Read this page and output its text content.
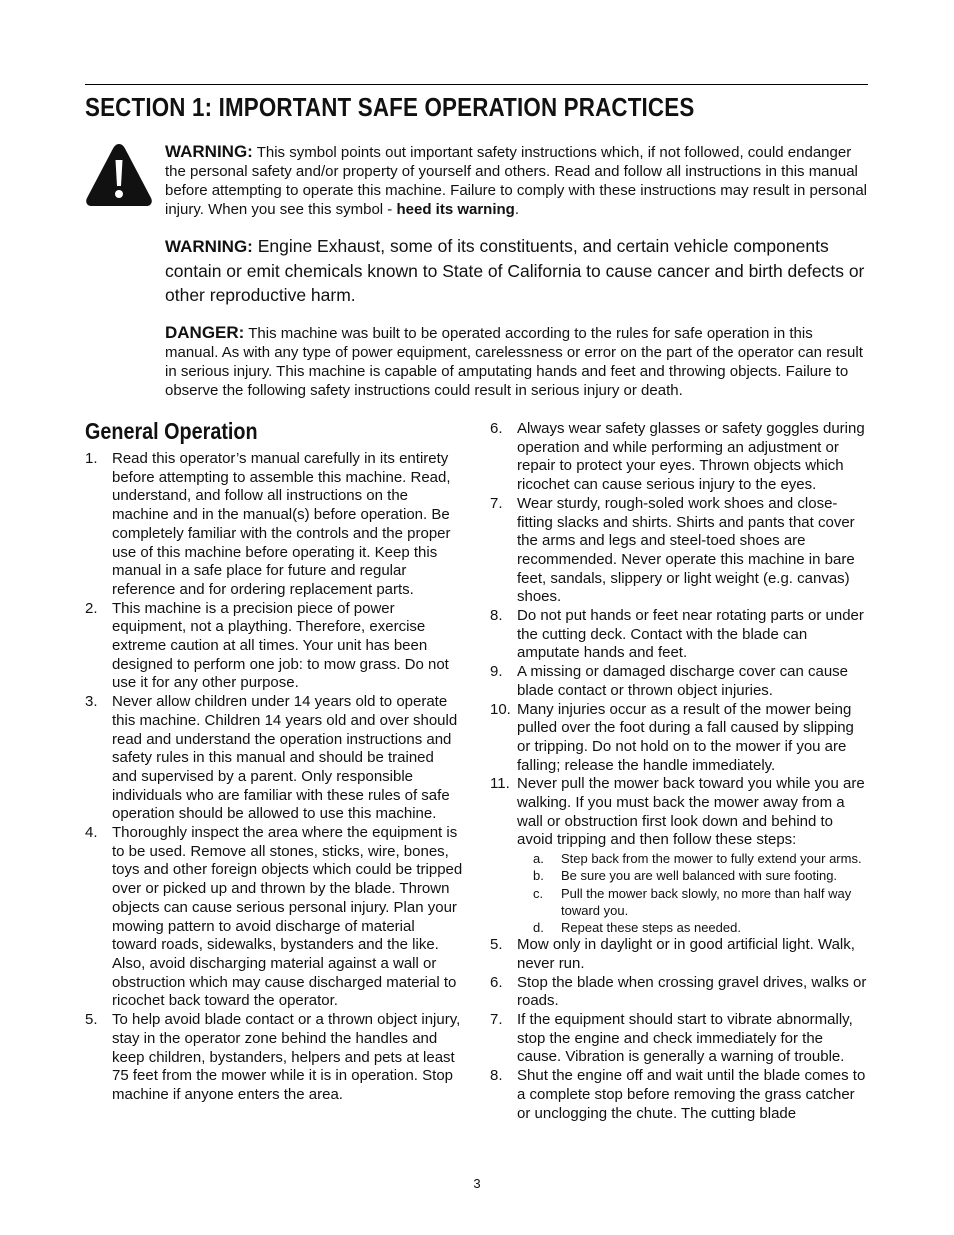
SECTION 1: IMPORTANT SAFE OPERATION PRACTICES
WARNING: This symbol points out important safety instructions which, if not followed, could endanger the personal safety and/or property of yourself and others. Read and follow all instructions in this manual before attempting to operate this machine. Failure to comply with these instructions may result in personal injury. When you see this symbol - heed its warning.
WARNING: Engine Exhaust, some of its constituents, and certain vehicle components contain or emit chemicals known to State of California to cause cancer and birth defects or other reproductive harm.
DANGER: This machine was built to be operated according to the rules for safe operation in this manual. As with any type of power equipment, carelessness or error on the part of the operator can result in serious injury. This machine is capable of amputating hands and feet and throwing objects. Failure to observe the following safety instructions could result in serious injury or death.
General Operation
1. Read this operator’s manual carefully in its entirety before attempting to assemble this machine. Read, understand, and follow all instructions on the machine and in the manual(s) before operation. Be completely familiar with the controls and the proper use of this machine before operating it. Keep this manual in a safe place for future and regular reference and for ordering replacement parts.
2. This machine is a precision piece of power equipment, not a plaything. Therefore, exercise extreme caution at all times. Your unit has been designed to perform one job: to mow grass. Do not use it for any other purpose.
3. Never allow children under 14 years old to operate this machine. Children 14 years old and over should read and understand the operation instructions and safety rules in this manual and should be trained and supervised by a parent. Only responsible individuals who are familiar with these rules of safe operation should be allowed to use this machine.
4. Thoroughly inspect the area where the equipment is to be used. Remove all stones, sticks, wire, bones, toys and other foreign objects which could be tripped over or picked up and thrown by the blade. Thrown objects can cause serious personal injury. Plan your mowing pattern to avoid discharge of material toward roads, sidewalks, bystanders and the like. Also, avoid discharging material against a wall or obstruction which may cause discharged material to ricochet back toward the operator.
5. To help avoid blade contact or a thrown object injury, stay in the operator zone behind the handles and keep children, bystanders, helpers and pets at least 75 feet from the mower while it is in operation. Stop machine if anyone enters the area.
6. Always wear safety glasses or safety goggles during operation and while performing an adjustment or repair to protect your eyes. Thrown objects which ricochet can cause serious injury to the eyes.
7. Wear sturdy, rough-soled work shoes and close-fitting slacks and shirts. Shirts and pants that cover the arms and legs and steel-toed shoes are recommended. Never operate this machine in bare feet, sandals, slippery or light weight (e.g. canvas) shoes.
8. Do not put hands or feet near rotating parts or under the cutting deck. Contact with the blade can amputate hands and feet.
9. A missing or damaged discharge cover can cause blade contact or thrown object injuries.
10. Many injuries occur as a result of the mower being pulled over the foot during a fall caused by slipping or tripping. Do not hold on to the mower if you are falling; release the handle immediately.
11. Never pull the mower back toward you while you are walking. If you must back the mower away from a wall or obstruction first look down and behind to avoid tripping and then follow these steps:
a. Step back from the mower to fully extend your arms.
b. Be sure you are well balanced with sure footing.
c. Pull the mower back slowly, no more than half way toward you.
d. Repeat these steps as needed.
5. Mow only in daylight or in good artificial light. Walk, never run.
6. Stop the blade when crossing gravel drives, walks or roads.
7. If the equipment should start to vibrate abnormally, stop the engine and check immediately for the cause. Vibration is generally a warning of trouble.
8. Shut the engine off and wait until the blade comes to a complete stop before removing the grass catcher or unclogging the chute. The cutting blade
3
